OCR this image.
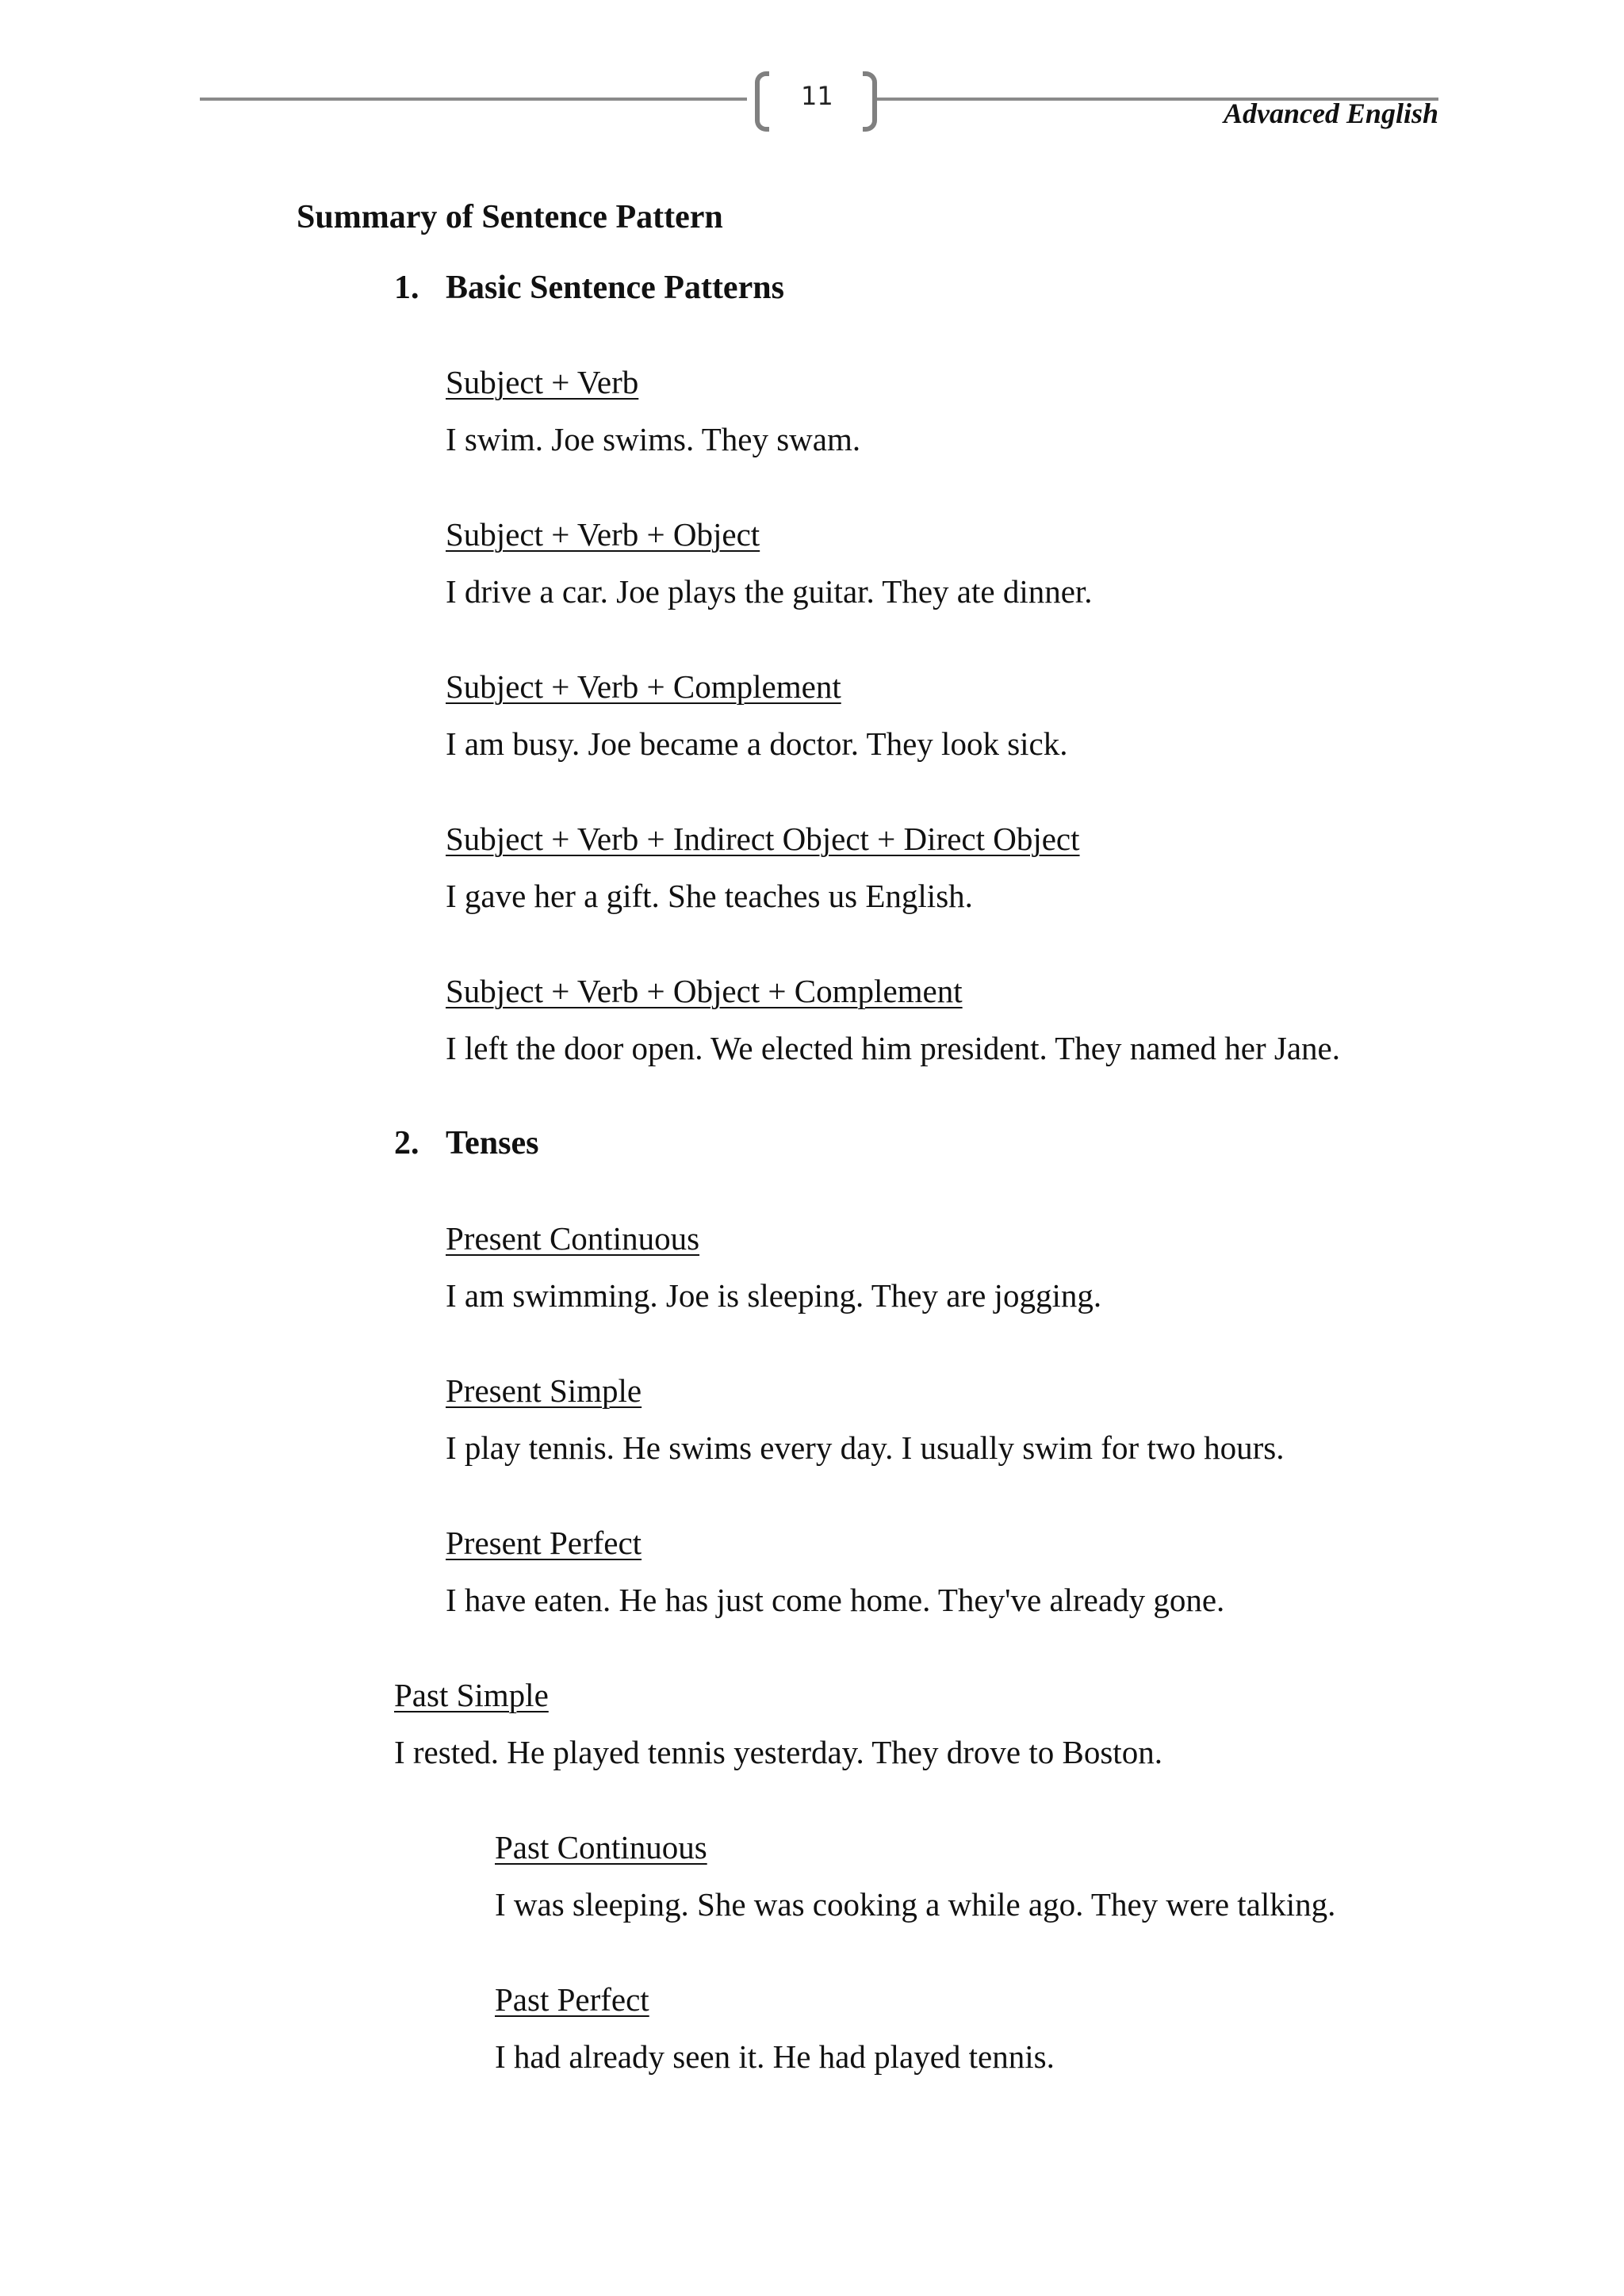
11
Advanced English
Summary of Sentence Pattern
1. Basic Sentence Patterns
Subject + Verb
I swim. Joe swims. They swam.
Subject + Verb + Object
I drive a car. Joe plays the guitar. They ate dinner.
Subject + Verb + Complement
I am busy. Joe became a doctor. They look sick.
Subject + Verb + Indirect Object + Direct Object
I gave her a gift. She teaches us English.
Subject + Verb + Object + Complement
I left the door open. We elected him president. They named her Jane.
2. Tenses
Present Continuous
I am swimming. Joe is sleeping. They are jogging.
Present Simple
I play tennis. He swims every day. I usually swim for two hours.
Present Perfect
I have eaten. He has just come home. They've already gone.
Past Simple
I rested. He played tennis yesterday. They drove to Boston.
Past Continuous
I was sleeping. She was cooking a while ago. They were talking.
Past Perfect
I had already seen it. He had played tennis.
